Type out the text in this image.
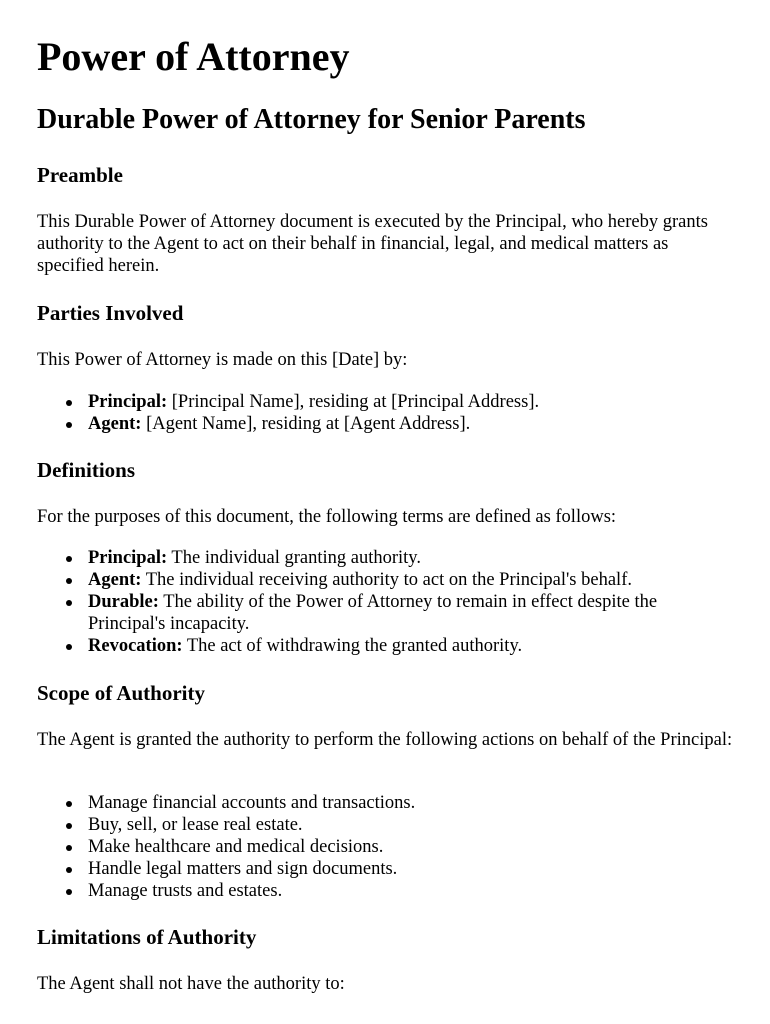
Power of Attorney
Durable Power of Attorney for Senior Parents
Preamble

This Durable Power of Attorney document is executed by the Principal, who hereby grants authority to the Agent to act on their behalf in financial, legal, and medical matters as specified herein.

Parties Involved

This Power of Attorney is made on this [Date] by:

Principal: [Principal Name], residing at [Principal Address].
Agent: [Agent Name], residing at [Agent Address].
Definitions

For the purposes of this document, the following terms are defined as follows:

Principal: The individual granting authority.
Agent: The individual receiving authority to act on the Principal's behalf.
Durable: The ability of the Power of Attorney to remain in effect despite the Principal's incapacity.
Revocation: The act of withdrawing the granted authority.
Scope of Authority

The Agent is granted the authority to perform the following actions on behalf of the Principal:

Manage financial accounts and transactions.
Buy, sell, or lease real estate.
Make healthcare and medical decisions.
Handle legal matters and sign documents.
Manage trusts and estates.
Limitations of Authority

The Agent shall not have the authority to:
